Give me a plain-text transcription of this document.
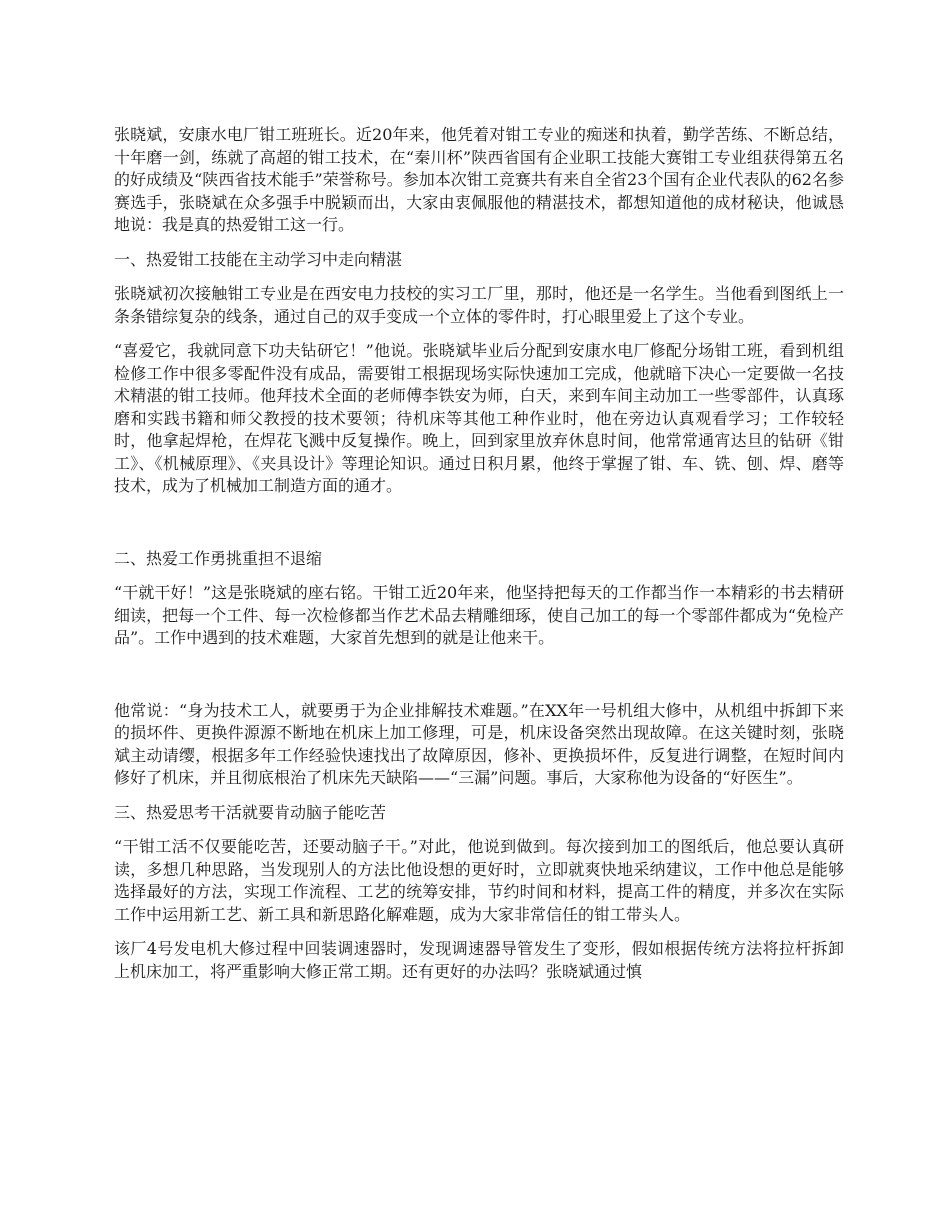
张晓斌，安康水电厂钳工班班长。近20年来，他凭着对钳工专业的痴迷和执着，勤学苦练、不断总结，十年磨一剑，练就了高超的钳工技术，在“秦川杯”陕西省国有企业职工技能大赛钳工专业组获得第五名的好成绩及“陕西省技术能手”荣誉称号。参加本次钳工竞赛共有来自全省23个国有企业代表队的62名参赛选手，张晓斌在众多强手中脱颖而出，大家由衷佩服他的精湛技术，都想知道他的成材秘诀，他诚恳地说：我是真的热爱钳工这一行。

一、热爱钳工技能在主动学习中走向精湛

张晓斌初次接触钳工专业是在西安电力技校的实习工厂里，那时，他还是一名学生。当他看到图纸上一条条错综复杂的线条，通过自己的双手变成一个立体的零件时，打心眼里爱上了这个专业。

“喜爱它，我就同意下功夫钻研它！”他说。张晓斌毕业后分配到安康水电厂修配分场钳工班，看到机组检修工作中很多零配件没有成品，需要钳工根据现场实际快速加工完成，他就暗下决心一定要做一名技术精湛的钳工技师。他拜技术全面的老师傅李铁安为师，白天，来到车间主动加工一些零部件，认真琢磨和实践书籍和师父教授的技术要领；待机床等其他工种作业时，他在旁边认真观看学习；工作较轻时，他拿起焊枪，在焊花飞溅中反复操作。晚上，回到家里放弃休息时间，他常常通宵达旦的钻研《钳工》、《机械原理》、《夹具设计》等理论知识。通过日积月累，他终于掌握了钳、车、铣、刨、焊、磨等技术，成为了机械加工制造方面的通才。

二、热爱工作勇挑重担不退缩

“干就干好！”这是张晓斌的座右铭。干钳工近20年来，他坚持把每天的工作都当作一本精彩的书去精研细读，把每一个工件、每一次检修都当作艺术品去精雕细琢，使自己加工的每一个零部件都成为“免检产品”。工作中遇到的技术难题，大家首先想到的就是让他来干。

他常说：“身为技术工人，就要勇于为企业排解技术难题。”在XX年一号机组大修中，从机组中拆卸下来的损坏件、更换件源源不断地在机床上加工修理，可是，机床设备突然出现故障。在这关键时刻，张晓斌主动请缨，根据多年工作经验快速找出了故障原因，修补、更换损坏件，反复进行调整，在短时间内修好了机床，并且彻底根治了机床先天缺陷——“三漏”问题。事后，大家称他为设备的“好医生”。

三、热爱思考干活就要肯动脑子能吃苦

“干钳工活不仅要能吃苦，还要动脑子干。”对此，他说到做到。每次接到加工的图纸后，他总要认真研读，多想几种思路，当发现别人的方法比他设想的更好时，立即就爽快地采纳建议，工作中他总是能够选择最好的方法，实现工作流程、工艺的统筹安排，节约时间和材料，提高工件的精度，并多次在实际工作中运用新工艺、新工具和新思路化解难题，成为大家非常信任的钳工带头人。

该厂4号发电机大修过程中回装调速器时，发现调速器导管发生了变形，假如根据传统方法将拉杆拆卸上机床加工，将严重影响大修正常工期。还有更好的办法吗？张晓斌通过慎
